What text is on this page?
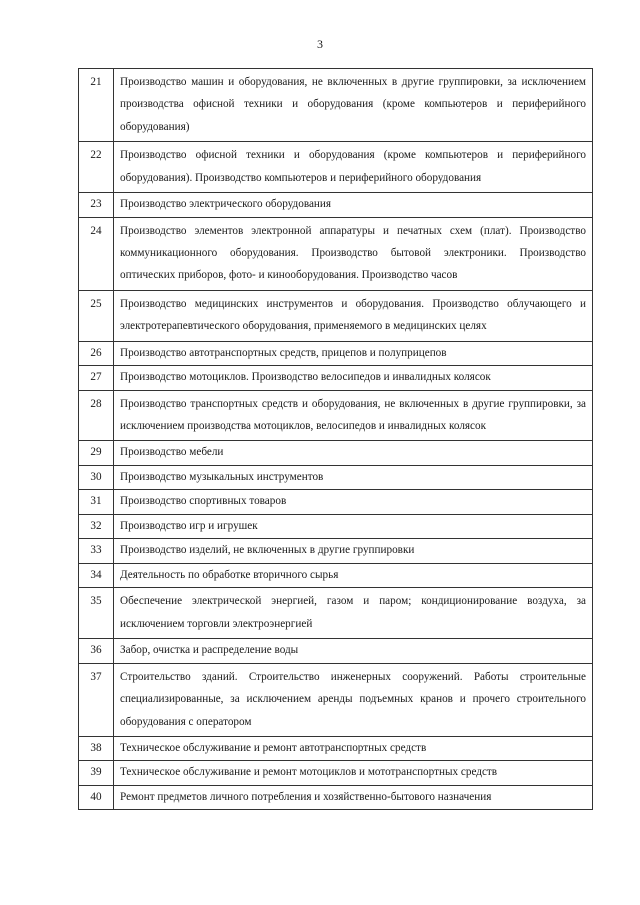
3
21	Производство машин и оборудования, не включенных в другие группировки, за исключением производства офисной техники и оборудования (кроме компьютеров и периферийного оборудования)
22	Производство офисной техники и оборудования (кроме компьютеров и периферийного оборудования). Производство компьютеров и периферийного оборудования
23	Производство электрического оборудования
24	Производство элементов электронной аппаратуры и печатных схем (плат). Производство коммуникационного оборудования. Производство бытовой электроники. Производство оптических приборов, фото- и кинооборудования. Производство часов
25	Производство медицинских инструментов и оборудования. Производство облучающего и электротерапевтического оборудования, применяемого в медицинских целях
26	Производство автотранспортных средств, прицепов и полуприцепов
27	Производство мотоциклов. Производство велосипедов и инвалидных колясок
28	Производство транспортных средств и оборудования, не включенных в другие группировки, за исключением производства мотоциклов, велосипедов и инвалидных колясок
29	Производство мебели
30	Производство музыкальных инструментов
31	Производство спортивных товаров
32	Производство игр и игрушек
33	Производство изделий, не включенных в другие группировки
34	Деятельность по обработке вторичного сырья
35	Обеспечение электрической энергией, газом и паром; кондиционирование воздуха, за исключением торговли электроэнергией
36	Забор, очистка и распределение воды
37	Строительство зданий. Строительство инженерных сооружений. Работы строительные специализированные, за исключением аренды подъемных кранов и прочего строительного оборудования с оператором
38	Техническое обслуживание и ремонт автотранспортных средств
39	Техническое обслуживание и ремонт мотоциклов и мототранспортных средств
40	Ремонт предметов личного потребления и хозяйственно-бытового назначения
